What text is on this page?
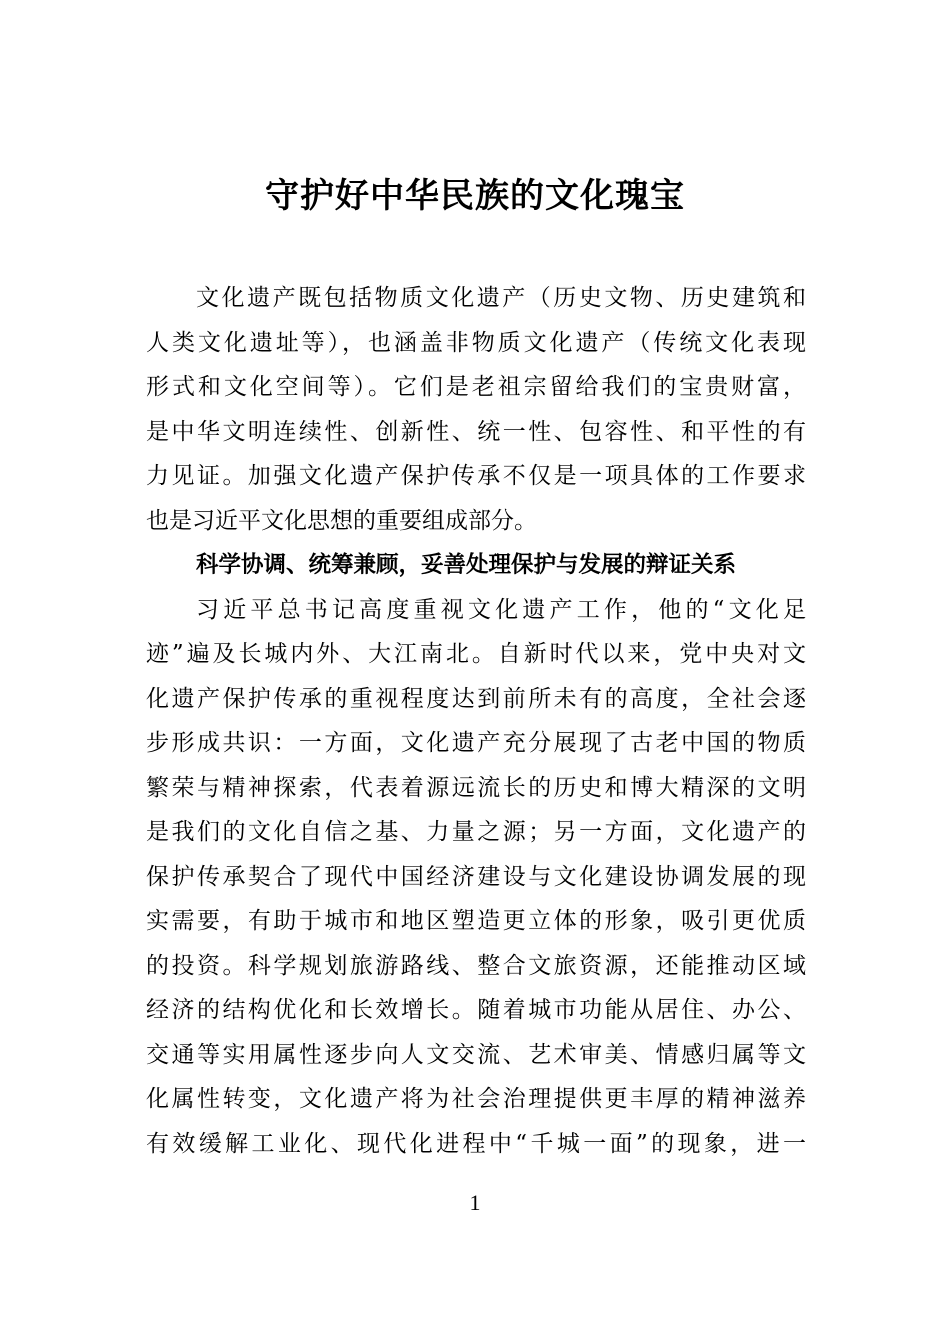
守护好中华民族的文化瑰宝
文化遗产既包括物质文化遗产（历史文物、历史建筑和
人类文化遗址等），也涵盖非物质文化遗产（传统文化表现
形式和文化空间等）。它们是老祖宗留给我们的宝贵财富，
是中华文明连续性、创新性、统一性、包容性、和平性的有
力见证。加强文化遗产保护传承不仅是一项具体的工作要求
也是习近平文化思想的重要组成部分。
科学协调、统筹兼顾，妥善处理保护与发展的辩证关系
习近平总书记高度重视文化遗产工作，他的“文化足
迹”遍及长城内外、大江南北。自新时代以来，党中央对文
化遗产保护传承的重视程度达到前所未有的高度，全社会逐
步形成共识：一方面，文化遗产充分展现了古老中国的物质
繁荣与精神探索，代表着源远流长的历史和博大精深的文明
是我们的文化自信之基、力量之源；另一方面，文化遗产的
保护传承契合了现代中国经济建设与文化建设协调发展的现
实需要，有助于城市和地区塑造更立体的形象，吸引更优质
的投资。科学规划旅游路线、整合文旅资源，还能推动区域
经济的结构优化和长效增长。随着城市功能从居住、办公、
交通等实用属性逐步向人文交流、艺术审美、情感归属等文
化属性转变，文化遗产将为社会治理提供更丰厚的精神滋养
有效缓解工业化、现代化进程中“千城一面”的现象，进一
1
